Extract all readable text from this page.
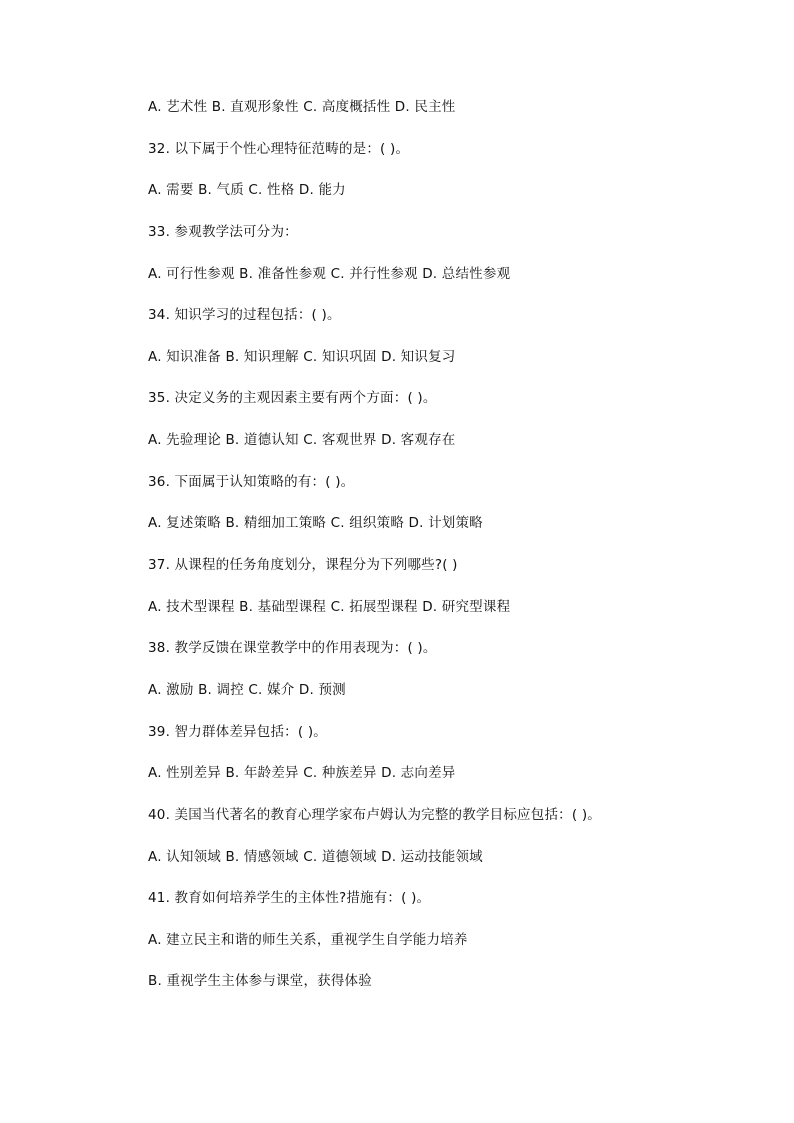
A. 艺术性 B. 直观形象性 C. 高度概括性 D. 民主性
32. 以下属于个性心理特征范畴的是：( )。
A. 需要 B. 气质 C. 性格 D. 能力
33. 参观教学法可分为：
A. 可行性参观 B. 准备性参观 C. 并行性参观 D. 总结性参观
34. 知识学习的过程包括：( )。
A. 知识准备 B. 知识理解 C. 知识巩固 D. 知识复习
35. 决定义务的主观因素主要有两个方面：( )。
A. 先验理论 B. 道德认知 C. 客观世界 D. 客观存在
36. 下面属于认知策略的有：( )。
A. 复述策略 B. 精细加工策略 C. 组织策略 D. 计划策略
37. 从课程的任务角度划分，课程分为下列哪些?( )
A. 技术型课程 B. 基础型课程 C. 拓展型课程 D. 研究型课程
38. 教学反馈在课堂教学中的作用表现为：( )。
A. 激励 B. 调控 C. 媒介 D. 预测
39. 智力群体差异包括：( )。
A. 性别差异 B. 年龄差异 C. 种族差异 D. 志向差异
40. 美国当代著名的教育心理学家布卢姆认为完整的教学目标应包括：( )。
A. 认知领域 B. 情感领域 C. 道德领域 D. 运动技能领域
41. 教育如何培养学生的主体性?措施有：( )。
A. 建立民主和谐的师生关系，重视学生自学能力培养
B. 重视学生主体参与课堂，获得体验
